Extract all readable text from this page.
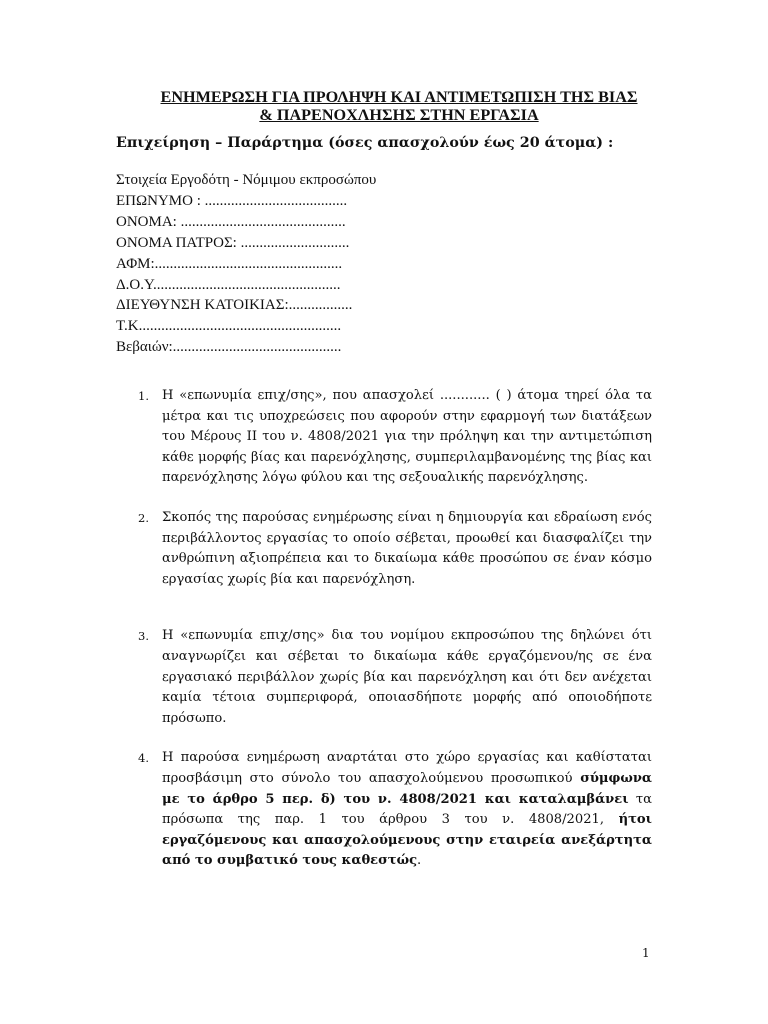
ΕΝΗΜΕΡΩΣΗ ΓΙΑ ΠΡΟΛΗΨΗ ΚΑΙ ΑΝΤΙΜΕΤΩΠΙΣΗ ΤΗΣ ΒΙΑΣ
& ΠΑΡΕΝΟΧΛΗΣΗΣ ΣΤΗΝ ΕΡΓΑΣΙΑ
Επιχείρηση – Παράρτημα (όσες απασχολούν έως 20 άτομα) :
Στοιχεία Εργοδότη - Νόμιμου εκπροσώπου
ΕΠΩΝΥΜΟ : ......................................
ΟΝΟΜΑ: ............................................
ΟΝΟΜΑ ΠΑΤΡΟΣ: .............................
ΑΦΜ:..................................................
Δ.Ο.Υ..................................................
ΔΙΕΥΘΥΝΣΗ ΚΑΤΟΙΚΙΑΣ:.................
Τ.Κ......................................................
Βεβαιών:.............................................
1. Η «επωνυμία επιχ/σης», που απασχολεί ............ ( ) άτομα τηρεί όλα τα μέτρα και τις υποχρεώσεις που αφορούν στην εφαρμογή των διατάξεων του Μέρους ΙΙ του ν. 4808/2021 για την πρόληψη και την αντιμετώπιση κάθε μορφής βίας και παρενόχλησης, συμπεριλαμβανομένης της βίας και παρενόχλησης λόγω φύλου και της σεξουαλικής παρενόχλησης.
2. Σκοπός της παρούσας ενημέρωσης είναι η δημιουργία και εδραίωση ενός περιβάλλοντος εργασίας το οποίο σέβεται, προωθεί και διασφαλίζει την ανθρώπινη αξιοπρέπεια και το δικαίωμα κάθε προσώπου σε έναν κόσμο εργασίας χωρίς βία και παρενόχληση.
3. Η «επωνυμία επιχ/σης» δια του νομίμου εκπροσώπου της δηλώνει ότι αναγνωρίζει και σέβεται το δικαίωμα κάθε εργαζόμενου/ης σε ένα εργασιακό περιβάλλον χωρίς βία και παρενόχληση και ότι δεν ανέχεται καμία τέτοια συμπεριφορά, οποιασδήποτε μορφής από οποιοδήποτε πρόσωπο.
4. Η παρούσα ενημέρωση αναρτάται στο χώρο εργασίας και καθίσταται προσβάσιμη στο σύνολο του απασχολούμενου προσωπικού σύμφωνα με το άρθρο 5 περ. δ) του ν. 4808/2021 και καταλαμβάνει τα πρόσωπα της παρ. 1 του άρθρου 3 του ν. 4808/2021, ήτοι εργαζόμενους και απασχολούμενους στην εταιρεία ανεξάρτητα από το συμβατικό τους καθεστώς.
1
